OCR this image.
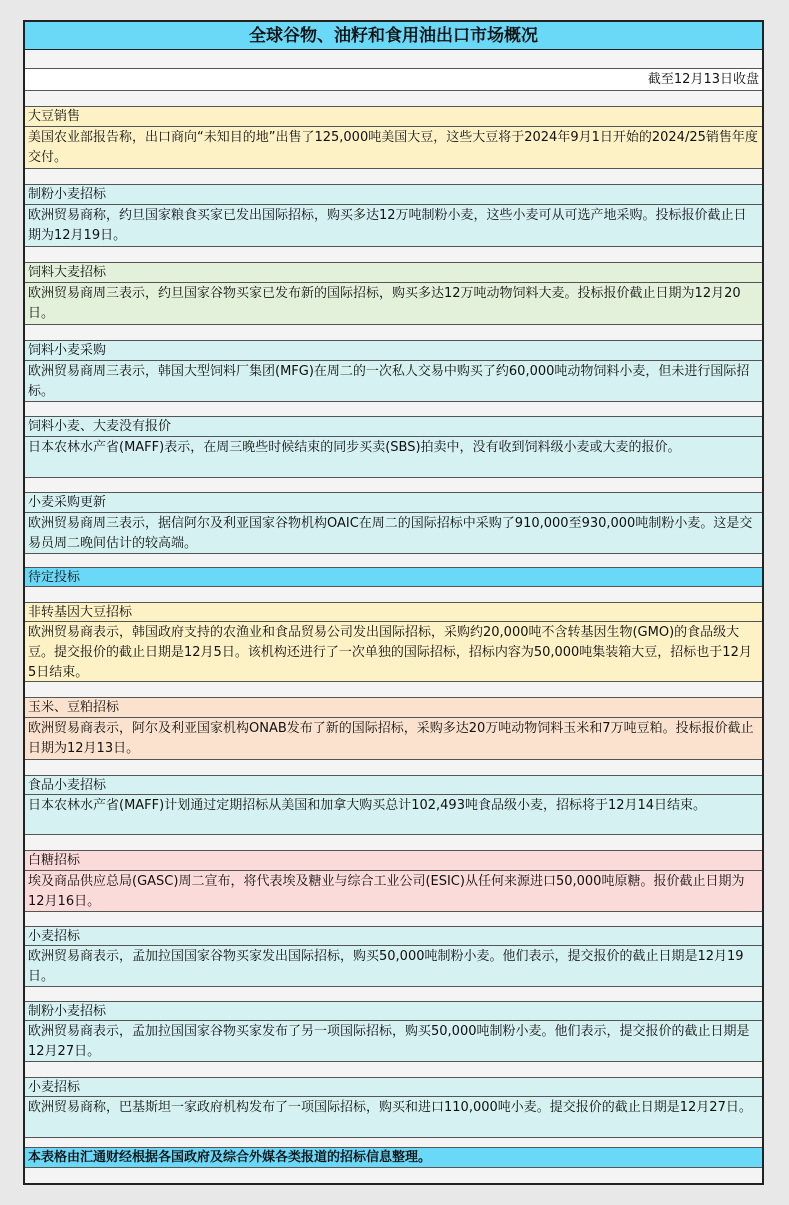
全球谷物、油籽和食用油出口市场概况
截至12月13日收盘
大豆销售
美国农业部报告称，出口商向“未知目的地”出售了125,000吨美国大豆，这些大豆将于2024年9月1日开始的2024/25销售年度交付。
制粉小麦招标
欧洲贸易商称，约旦国家粮食买家已发出国际招标，购买多达12万吨制粉小麦，这些小麦可从可选产地采购。投标报价截止日期为12月19日。
饲料大麦招标
欧洲贸易商周三表示，约旦国家谷物买家已发布新的国际招标，购买多达12万吨动物饲料大麦。投标报价截止日期为12月20日。
饲料小麦采购
欧洲贸易商周三表示，韩国大型饲料厂集团(MFG)在周二的一次私人交易中购买了约60,000吨动物饲料小麦，但未进行国际招标。
饲料小麦、大麦没有报价
日本农林水产省(MAFF)表示，在周三晚些时候结束的同步买卖(SBS)拍卖中，没有收到饲料级小麦或大麦的报价。
小麦采购更新
欧洲贸易商周三表示，据信阿尔及利亚国家谷物机构OAIC在周二的国际招标中采购了910,000至930,000吨制粉小麦。这是交易员周二晚间估计的较高端。
待定投标
非转基因大豆招标
欧洲贸易商表示，韩国政府支持的农渔业和食品贸易公司发出国际招标，采购约20,000吨不含转基因生物(GMO)的食品级大豆。提交报价的截止日期是12月5日。该机构还进行了一次单独的国际招标，招标内容为50,000吨集装箱大豆，招标也于12月5日结束。
玉米、豆粕招标
欧洲贸易商表示，阿尔及利亚国家机构ONAB发布了新的国际招标，采购多达20万吨动物饲料玉米和7万吨豆粕。投标报价截止日期为12月13日。
食品小麦招标
日本农林水产省(MAFF)计划通过定期招标从美国和加拿大购买总计102,493吨食品级小麦，招标将于12月14日结束。
白糖招标
埃及商品供应总局(GASC)周二宣布，将代表埃及糖业与综合工业公司(ESIC)从任何来源进口50,000吨原糖。报价截止日期为12月16日。
小麦招标
欧洲贸易商表示，孟加拉国国家谷物买家发出国际招标，购买50,000吨制粉小麦。他们表示，提交报价的截止日期是12月19日。
制粉小麦招标
欧洲贸易商表示，孟加拉国国家谷物买家发布了另一项国际招标，购买50,000吨制粉小麦。他们表示，提交报价的截止日期是12月27日。
小麦招标
欧洲贸易商称，巴基斯坦一家政府机构发布了一项国际招标，购买和进口110,000吨小麦。提交报价的截止日期是12月27日。
本表格由汇通财经根据各国政府及综合外媒各类报道的招标信息整理。
